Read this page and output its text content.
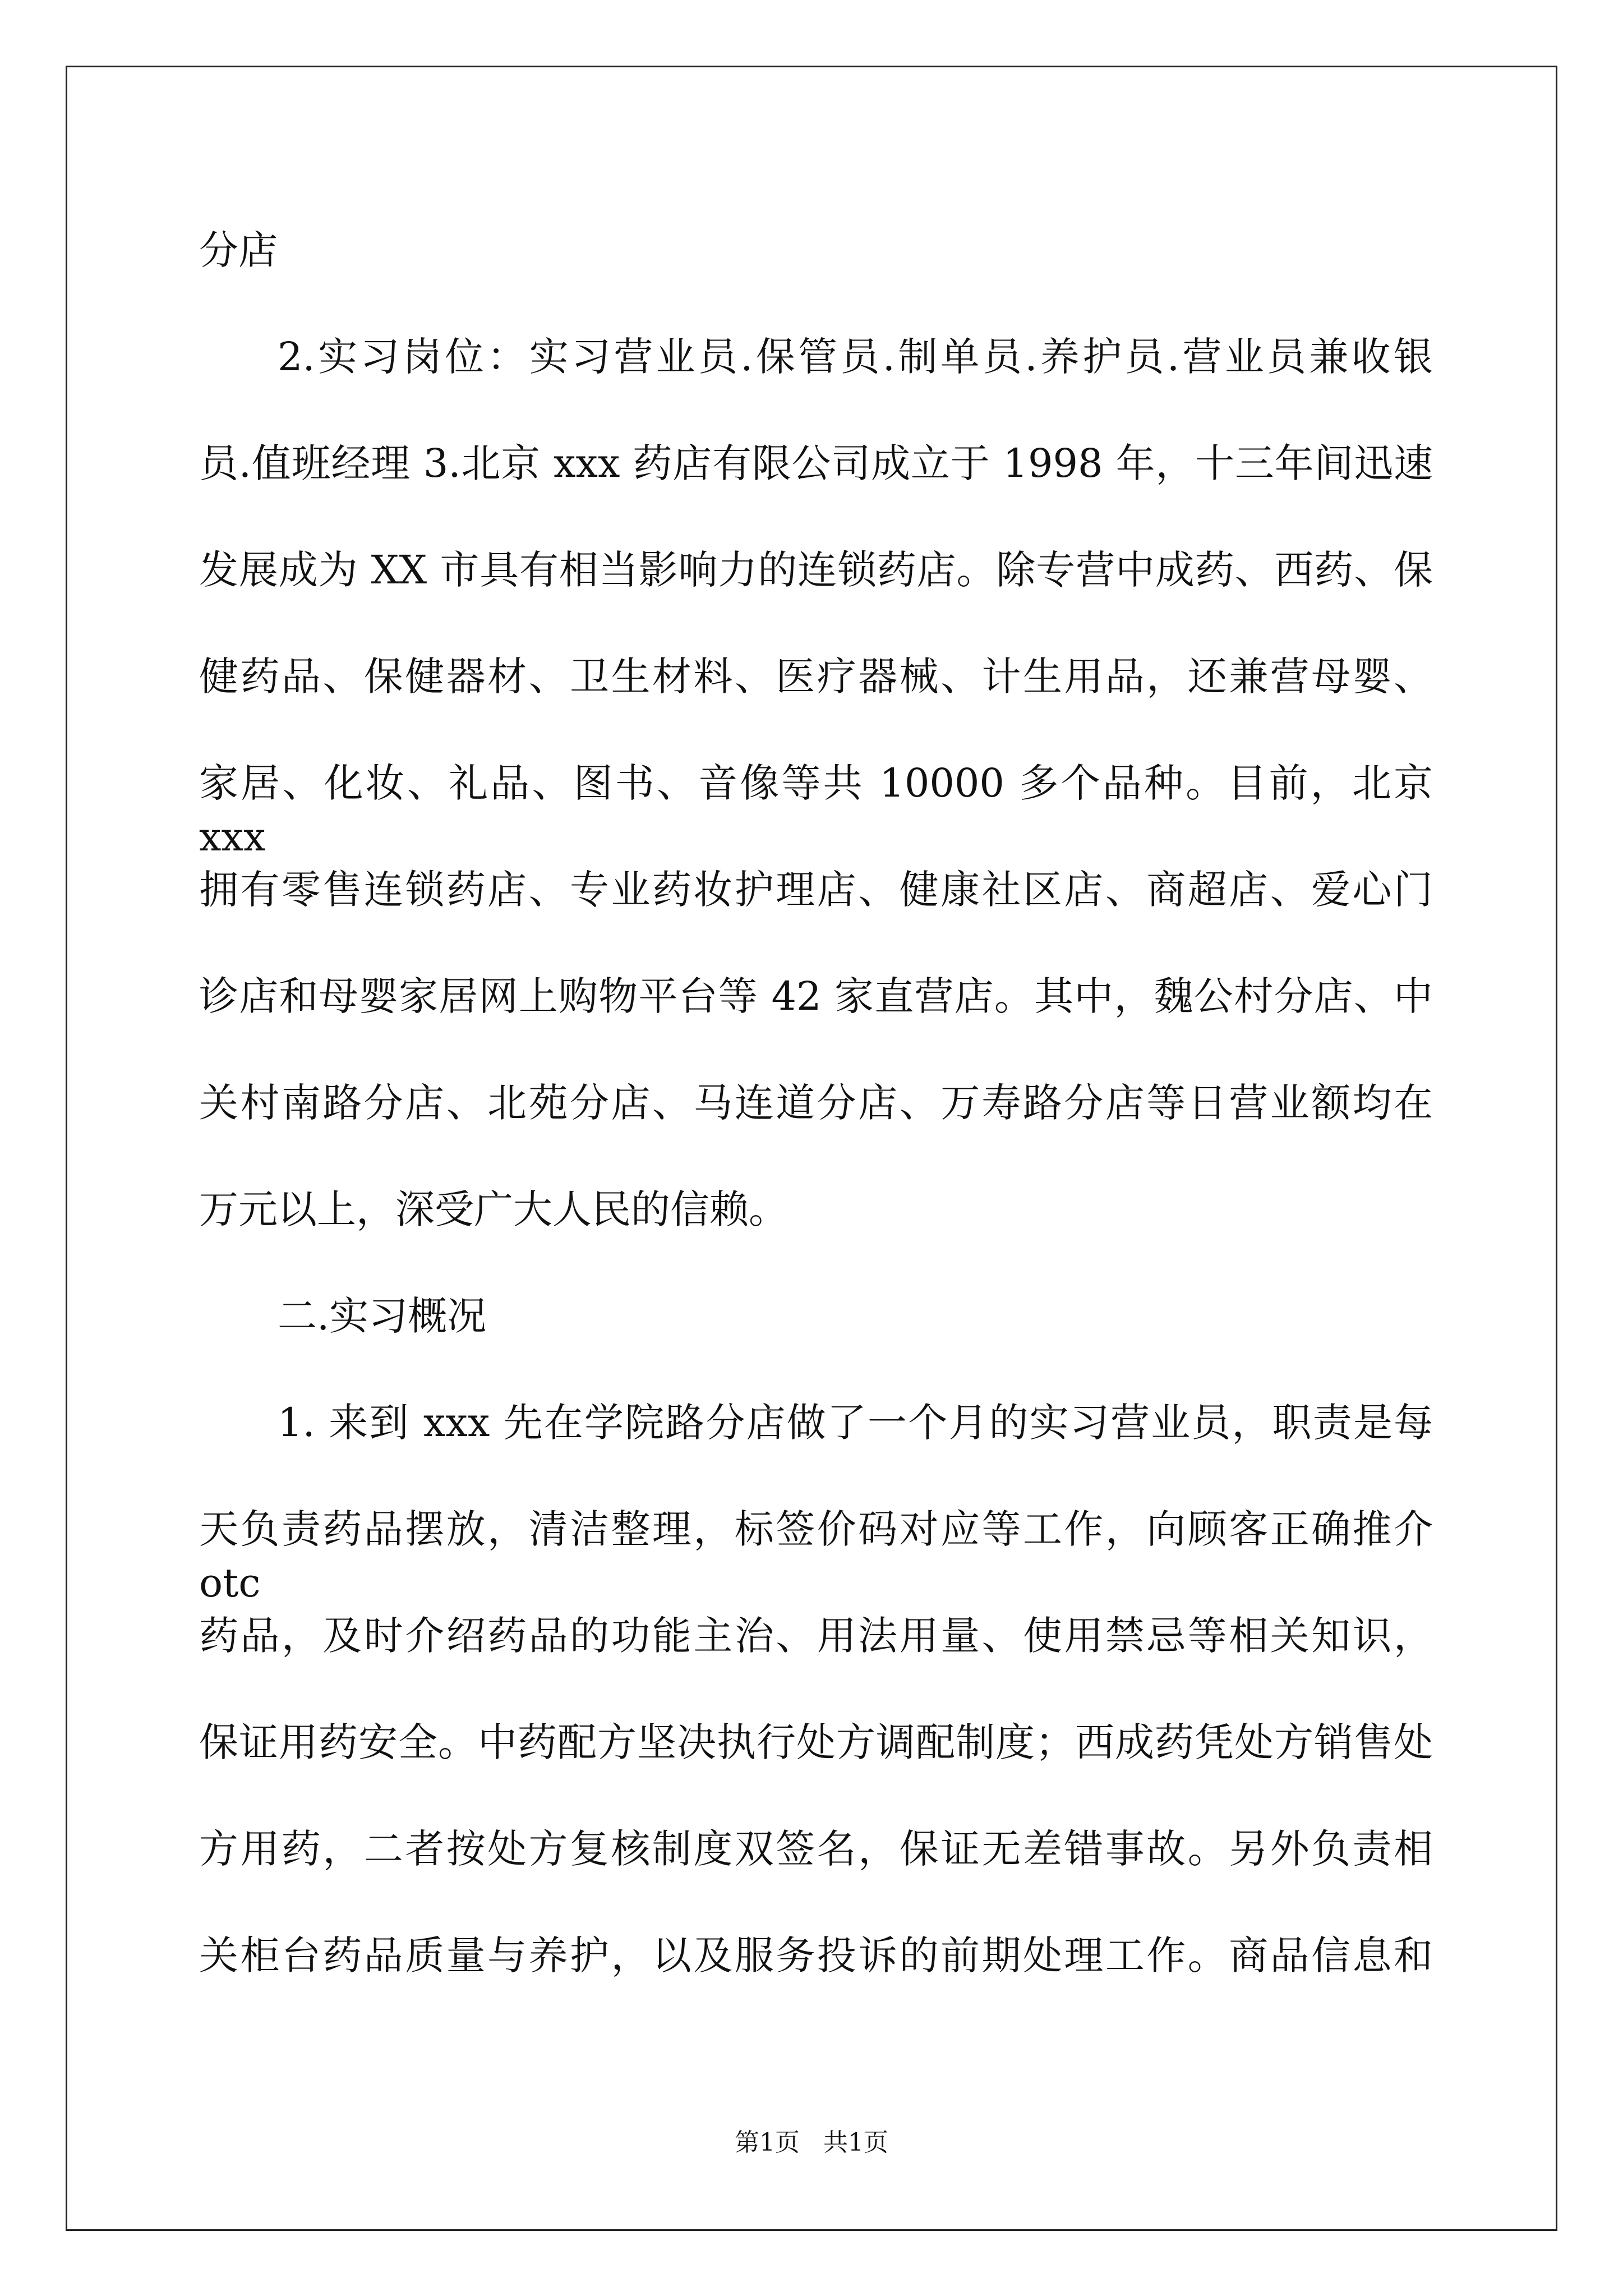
分店
2.实习岗位：实习营业员.保管员.制单员.养护员.营业员兼收银
员.值班经理 3.北京 xxx 药店有限公司成立于 1998 年，十三年间迅速
发展成为 XX 市具有相当影响力的连锁药店。除专营中成药、西药、保
健药品、保健器材、卫生材料、医疗器械、计生用品，还兼营母婴、
家居、化妆、礼品、图书、音像等共 10000 多个品种。目前，北京 xxx
拥有零售连锁药店、专业药妆护理店、健康社区店、商超店、爱心门
诊店和母婴家居网上购物平台等 42 家直营店。其中，魏公村分店、中
关村南路分店、北苑分店、马连道分店、万寿路分店等日营业额均在
万元以上，深受广大人民的信赖。
二.实习概况
1. 来到 xxx 先在学院路分店做了一个月的实习营业员，职责是每
天负责药品摆放，清洁整理，标签价码对应等工作，向顾客正确推介 otc
药品，及时介绍药品的功能主治、用法用量、使用禁忌等相关知识，
保证用药安全。中药配方坚决执行处方调配制度；西成药凭处方销售处
方用药，二者按处方复核制度双签名，保证无差错事故。另外负责相
关柜台药品质量与养护，以及服务投诉的前期处理工作。商品信息和
第1页   共1页
